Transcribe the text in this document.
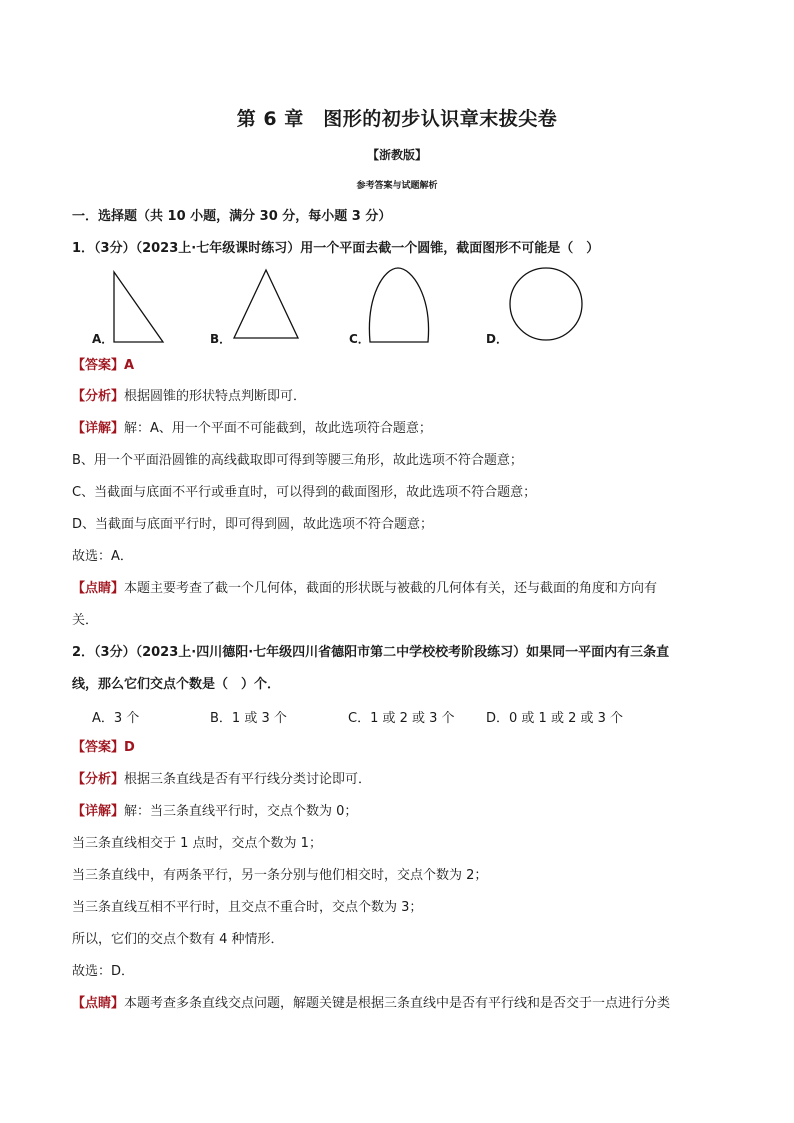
第 6 章　图形的初步认识章末拔尖卷
【浙教版】
参考答案与试题解析
一．选择题（共 10 小题，满分 30 分，每小题 3 分）
1．（3分）（2023上·七年级课时练习）用一个平面去截一个圆锥，截面图形不可能是（　）
A．	B．	C．	D．
【答案】A
【分析】根据圆锥的形状特点判断即可．
【详解】解：A、用一个平面不可能截到，故此选项符合题意；
B、用一个平面沿圆锥的高线截取即可得到等腰三角形，故此选项不符合题意；
C、当截面与底面不平行或垂直时，可以得到的截面图形，故此选项不符合题意；
D、当截面与底面平行时，即可得到圆，故此选项不符合题意；
故选：A．
【点睛】本题主要考查了截一个几何体，截面的形状既与被截的几何体有关，还与截面的角度和方向有
关．
2．（3分）（2023上·四川德阳·七年级四川省德阳市第二中学校校考阶段练习）如果同一平面内有三条直
线，那么它们交点个数是（　）个．
A．3 个	B．1 或 3 个	C．1 或 2 或 3 个 D．0 或 1 或 2 或 3 个
【答案】D
【分析】根据三条直线是否有平行线分类讨论即可．
【详解】解：当三条直线平行时，交点个数为 0；
当三条直线相交于 1 点时，交点个数为 1；
当三条直线中，有两条平行，另一条分别与他们相交时，交点个数为 2；
当三条直线互相不平行时，且交点不重合时，交点个数为 3；
所以，它们的交点个数有 4 种情形．
故选：D．
【点睛】本题考查多条直线交点问题，解题关键是根据三条直线中是否有平行线和是否交于一点进行分类
